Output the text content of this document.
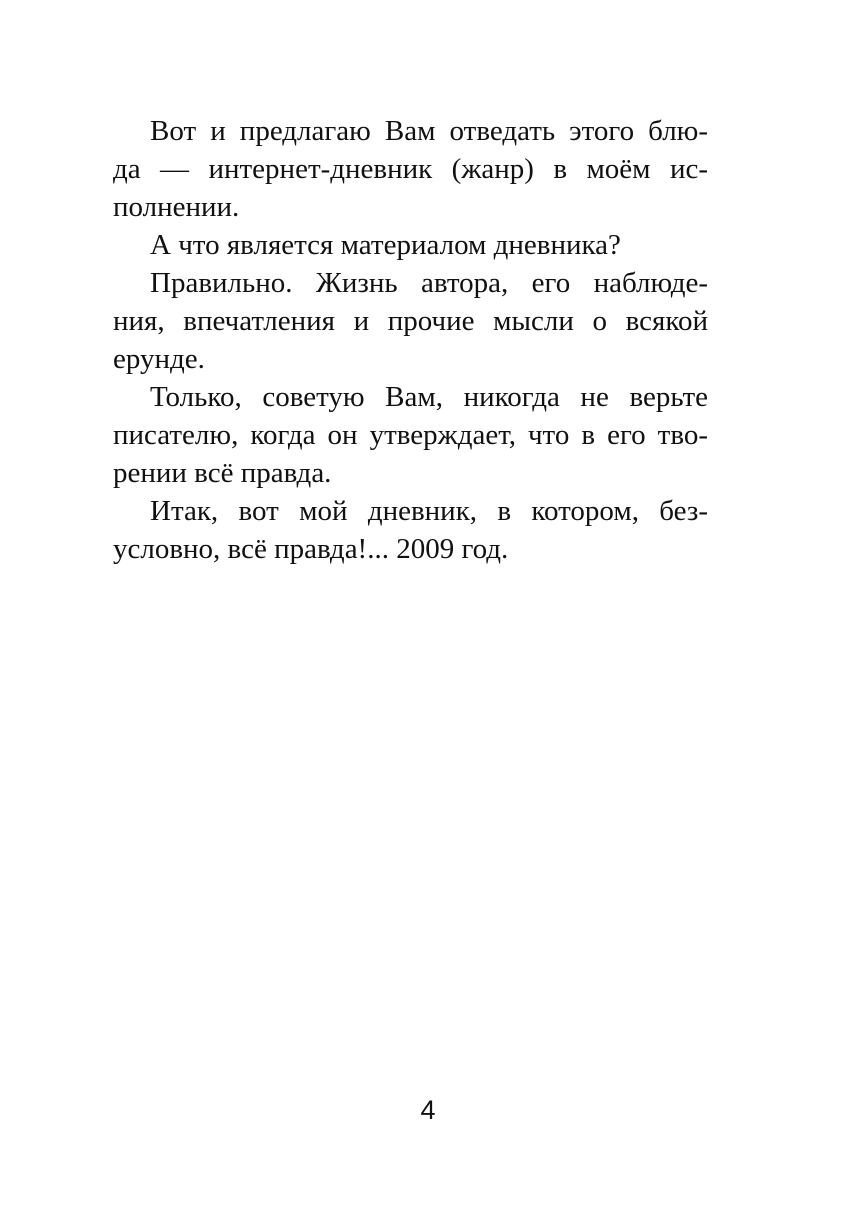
Вот и предлагаю Вам отведать этого блю-
да — интернет-дневник (жанр) в моём ис-
полнении.
А что является материалом дневника?
Правильно. Жизнь автора, его наблюде-
ния, впечатления и прочие мысли о всякой
ерунде.
Только, советую Вам, никогда не верьте
писателю, когда он утверждает, что в его тво-
рении всё правда.
Итак, вот мой дневник, в котором, без-
условно, всё правда!... 2009 год.
4
